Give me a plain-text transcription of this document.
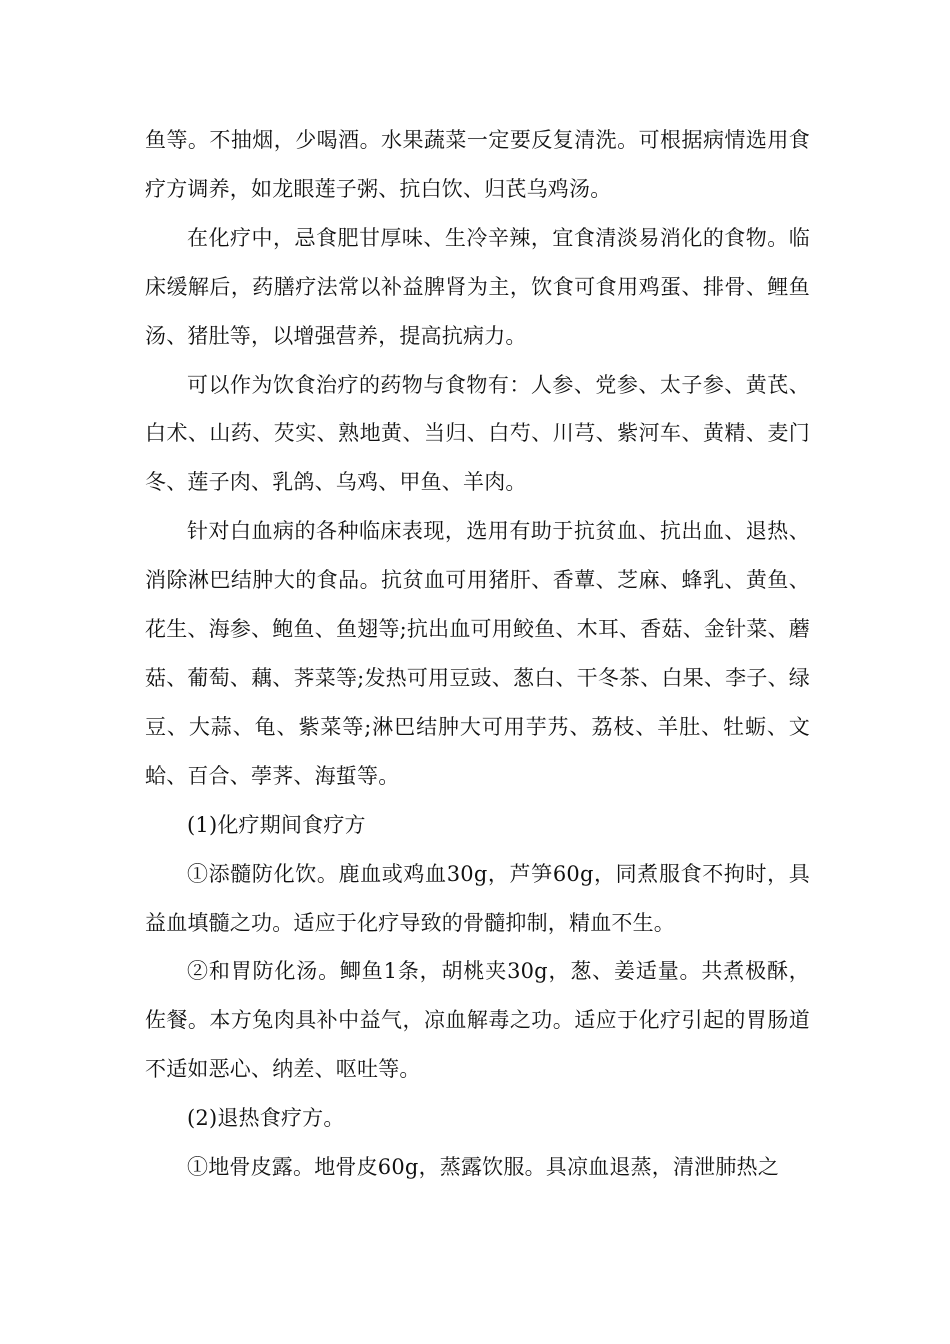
鱼等。不抽烟，少喝酒。水果蔬菜一定要反复清洗。可根据病情选用食疗方调养，如龙眼莲子粥、抗白饮、归芪乌鸡汤。

在化疗中，忌食肥甘厚味、生冷辛辣，宜食清淡易消化的食物。临床缓解后，药膳疗法常以补益脾肾为主，饮食可食用鸡蛋、排骨、鲤鱼汤、猪肚等，以增强营养，提高抗病力。

可以作为饮食治疗的药物与食物有：人参、党参、太子参、黄芪、白术、山药、芡实、熟地黄、当归、白芍、川芎、紫河车、黄精、麦门冬、莲子肉、乳鸽、乌鸡、甲鱼、羊肉。

针对白血病的各种临床表现，选用有助于抗贫血、抗出血、退热、消除淋巴结肿大的食品。抗贫血可用猪肝、香蕈、芝麻、蜂乳、黄鱼、花生、海参、鲍鱼、鱼翅等;抗出血可用鲛鱼、木耳、香菇、金针菜、蘑菇、葡萄、藕、荠菜等;发热可用豆豉、葱白、干冬茶、白果、李子、绿豆、大蒜、龟、紫菜等;淋巴结肿大可用芋艿、荔枝、羊肚、牡蛎、文蛤、百合、荸荠、海蜇等。

(1)化疗期间食疗方

①添髓防化饮。鹿血或鸡血30g，芦笋60g，同煮服食不拘时，具益血填髓之功。适应于化疗导致的骨髓抑制，精血不生。

②和胃防化汤。鲫鱼1条，胡桃夹30g，葱、姜适量。共煮极酥，佐餐。本方兔肉具补中益气，凉血解毒之功。适应于化疗引起的胃肠道不适如恶心、纳差、呕吐等。

(2)退热食疗方。

①地骨皮露。地骨皮60g，蒸露饮服。具凉血退蒸，清泄肺热之
